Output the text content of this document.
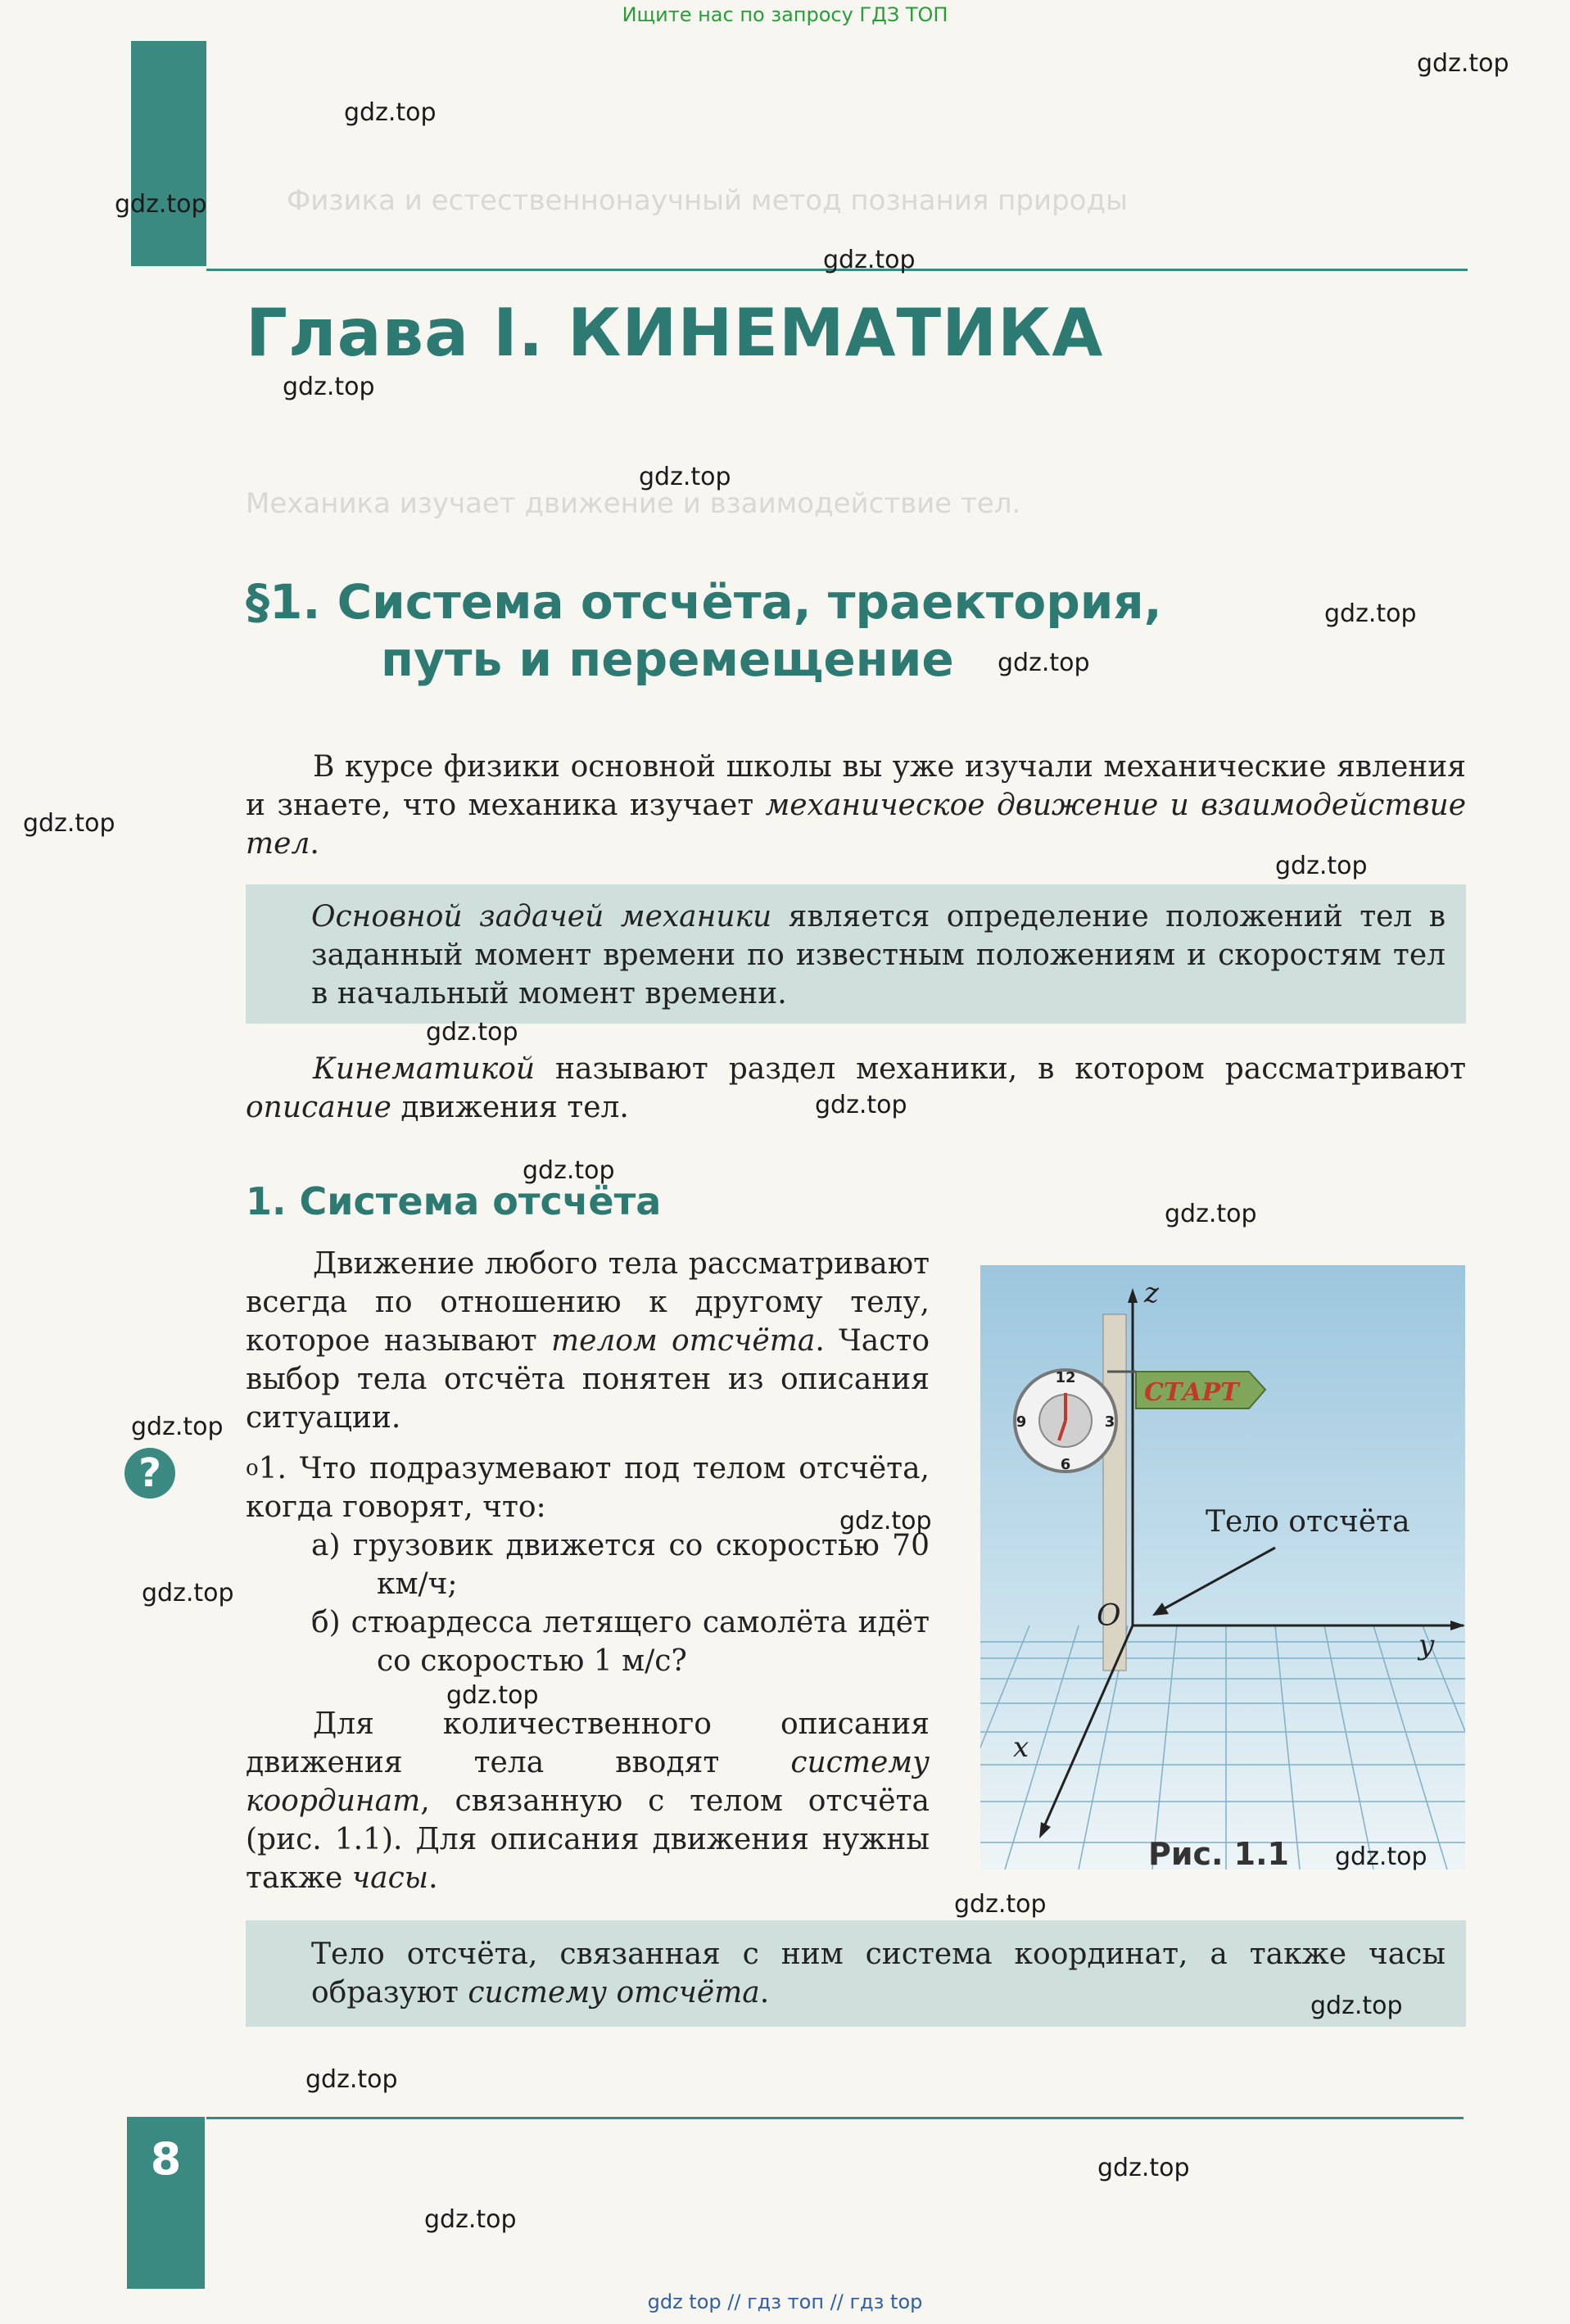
Ищите нас по запросу ГДЗ ТОП
Физика и естественнонаучный метод познания природы
Механика изучает движение и взаимодействие тел.
Глава I. КИНЕМАТИКА
§1. Система отсчёта, траектория,
путь и перемещение
В курсе физики основной школы вы уже изучали механические явления и знаете, что механика изучает механическое движение и взаимодействие тел.
Основной задачей механики является определение положений тел в заданный момент времени по известным положениям и скоростям тел в начальный момент времени.
Кинематикой называют раздел механики, в котором рассматривают описание движения тел.
1. Система отсчёта
Движение любого тела рассматривают всегда по отношению к другому телу, которое называют телом отсчёта. Часто выбор тела отсчёта понятен из описания ситуации.
?	$^о$1. Что подразумевают под телом отсчёта, когда говорят, что:
а) грузовик движется со скоростью 70 км/ч;
б) стюардесса летящего самолёта идёт со скоростью 1 м/с?
Для количественного описания движения тела вводят систему координат, связанную с телом отсчёта (рис. 1.1). Для описания движения нужны также часы.
Тело отсчёта, связанная с ним система координат, а также часы образуют систему отсчёта.
СТАРТ
12
3
6
9
z
y
x
O
Тело отсчёта
Рис. 1.1
8
gdz.top
gdz.top
gdz.top
gdz.top
gdz.top
gdz.top
gdz.top
gdz.top
gdz.top
gdz.top
gdz.top
gdz.top
gdz.top
gdz.top
gdz.top
gdz.top
gdz.top
gdz.top
gdz.top
gdz.top
gdz.top
gdz.top
gdz.top
gdz.top
gdz top // гдз топ // гдз top
